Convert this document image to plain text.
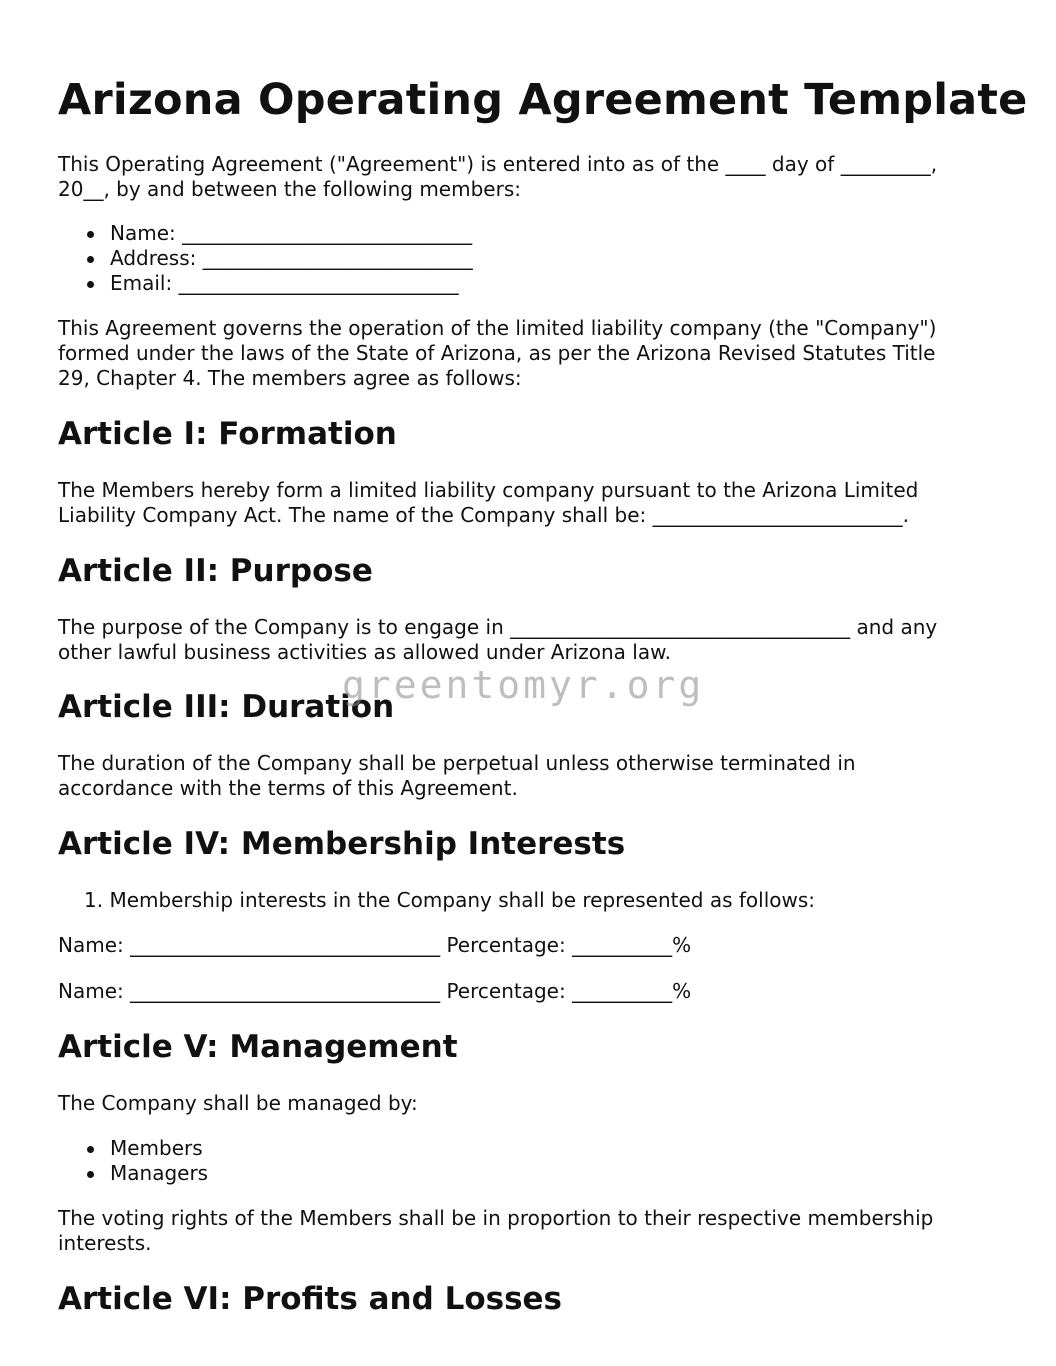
Arizona Operating Agreement Template
This Operating Agreement ("Agreement") is entered into as of the ____ day of _________,
20__, by and between the following members:
Name: _____________________________
Address: ___________________________
Email: ____________________________
This Agreement governs the operation of the limited liability company (the "Company")
formed under the laws of the State of Arizona, as per the Arizona Revised Statutes Title
29, Chapter 4. The members agree as follows:
Article I: Formation
The Members hereby form a limited liability company pursuant to the Arizona Limited
Liability Company Act. The name of the Company shall be: _________________________.
Article II: Purpose
The purpose of the Company is to engage in __________________________________ and any
other lawful business activities as allowed under Arizona law.
Article III: Duration
The duration of the Company shall be perpetual unless otherwise terminated in
accordance with the terms of this Agreement.
Article IV: Membership Interests
1. Membership interests in the Company shall be represented as follows:
Name: _______________________________ Percentage: __________%
Name: _______________________________ Percentage: __________%
Article V: Management
The Company shall be managed by:
Members
Managers
The voting rights of the Members shall be in proportion to their respective membership
interests.
Article VI: Profits and Losses
greentomyr.org
